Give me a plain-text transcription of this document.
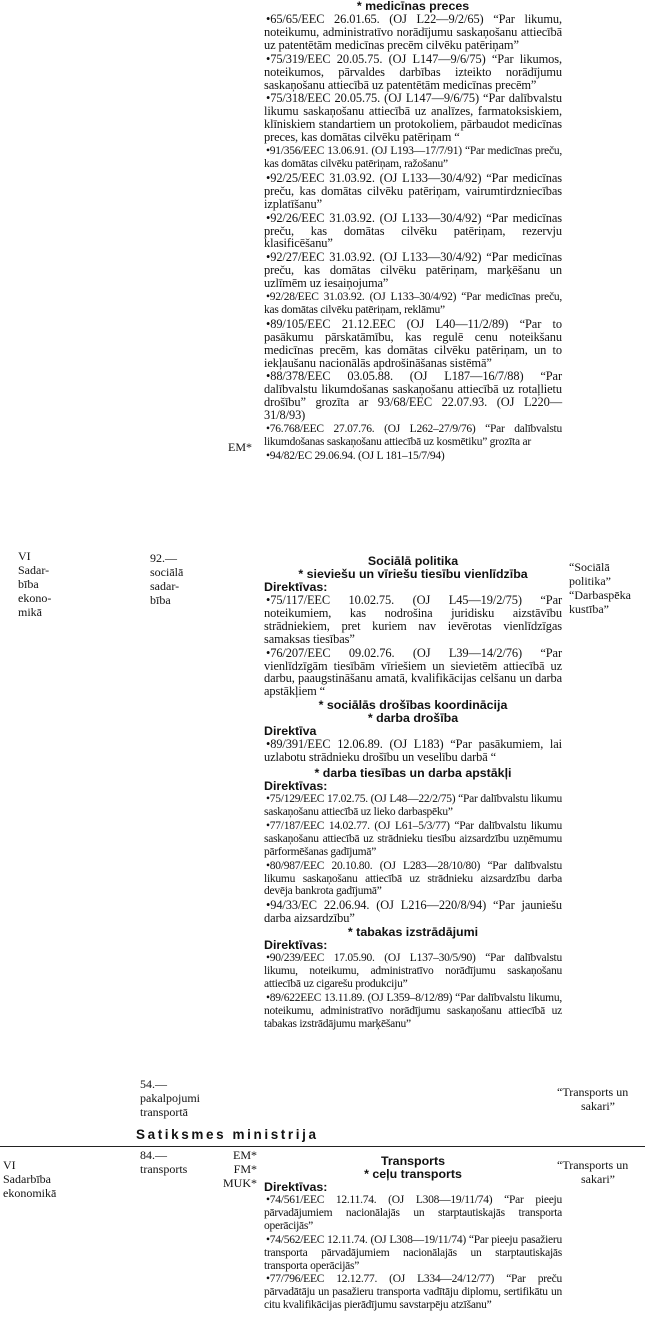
* medicīnas preces
•65/65/EEC 26.01.65. (OJ L22—9/2/65) “Par likumu, noteikumu, administratīvo norādījumu saskaņošanu attiecībā uz patentētām medicīnas precēm cilvēku patēriņam”
•75/319/EEC 20.05.75. (OJ L147—9/6/75) “Par likumos, noteikumos, pārvaldes darbības izteikto norādījumu saskaņošanu attiecībā uz patentētām medicīnas precēm”
•75/318/EEC 20.05.75. (OJ L147—9/6/75) “Par dalībvalstu likumu saskaņošanu attiecībā uz analīzes, farmatoksiskiem, klīniskiem standartiem un protokoliem, pārbaudot medicīnas preces, kas domātas cilvēku patēriņam “
•91/356/EEC 13.06.91. (OJ L193—17/7/91) “Par medicīnas preču, kas domātas cilvēku patēriņam, ražošanu”
•92/25/EEC 31.03.92. (OJ L133—30/4/92) “Par medicīnas preču, kas domātas cilvēku patēriņam, vairumtirdzniecības izplatīšanu”
•92/26/EEC 31.03.92. (OJ L133—30/4/92) “Par medicīnas preču, kas domātas cilvēku patēriņam, rezervju klasificēšanu”
•92/27/EEC 31.03.92. (OJ L133—30/4/92) “Par medicīnas preču, kas domātas cilvēku patēriņam, marķēšanu un uzlīmēm uz iesaiņojuma”
•92/28/EEC 31.03.92. (OJ L133–30/4/92) “Par medicīnas preču, kas domātas cilvēku patēriņam, reklāmu”
•89/105/EEC 21.12.EEC (OJ L40—11/2/89) “Par to pasākumu pārskatāmību, kas regulē cenu noteikšanu medicīnas precēm, kas domātas cilvēku patēriņam, un to iekļaušanu nacionālās apdrošināšanas sistēmā”
•88/378/EEC 03.05.88. (OJ L187—16/7/88) “Par dalībvalstu likumdošanas saskaņošanu attiecībā uz rotaļlietu drošību” grozīta ar 93/68/EEC 22.07.93. (OJ L220—31/8/93)
•76.768/EEC 27.07.76. (OJ L262–27/9/76) “Par dalībvalstu likumdošanas saskaņošanu attiecībā uz kosmētiku” grozīta ar
•94/82/EC 29.06.94. (OJ L 181–15/7/94)
EM*
VI
Sadar-
bība
ekono-
mikā
92.—
sociālā
sadar-
bība
“Sociālā
politika”
“Darbaspēka
kustība”
Sociālā politika
* sieviešu un vīriešu tiesību vienlīdzība
Direktīvas:
•75/117/EEC 10.02.75. (OJ L45—19/2/75) “Par noteikumiem, kas nodrošina juridisku aizstāvību strādniekiem, pret kuriem nav ievērotas vienlīdzīgas samaksas tiesības”
•76/207/EEC 09.02.76. (OJ L39—14/2/76) “Par vienlīdzīgām tiesībām vīriešiem un sievietēm attiecībā uz darbu, paaugstināšanu amatā, kvalifikācijas celšanu un darba apstākļiem “
* sociālās drošības koordinācija
* darba drošība
Direktīva
•89/391/EEC 12.06.89. (OJ L183) “Par pasākumiem, lai uzlabotu strādnieku drošību un veselību darbā “
* darba tiesības un darba apstākļi
Direktīvas:
•75/129/EEC 17.02.75. (OJ L48—22/2/75) “Par dalībvalstu likumu saskaņošanu attiecībā uz lieko darbaspēku”
•77/187/EEC 14.02.77. (OJ L61–5/3/77) “Par dalībvalstu likumu saskaņošanu attiecībā uz strādnieku tiesību aizsardzību uzņēmumu pārformēšanas gadījumā”
•80/987/EEC 20.10.80. (OJ L283—28/10/80) “Par dalībvalstu likumu saskaņošanu attiecībā uz strādnieku aizsardzību darba devēja bankrota gadījumā”
•94/33/EC 22.06.94. (OJ L216—220/8/94) “Par jauniešu darba aizsardzību”
* tabakas izstrādājumi
Direktīvas:
•90/239/EEC 17.05.90. (OJ L137–30/5/90) “Par dalībvalstu likumu, noteikumu, administratīvo norādījumu saskaņošanu attiecībā uz cigarešu produkciju”
•89/622EEC 13.11.89. (OJ L359–8/12/89) “Par dalībvalstu likumu, noteikumu, administratīvo norādījumu saskaņošanu attiecībā uz tabakas izstrādājumu marķēšanu”
54.—
pakalpojumi
transportā
“Transports un
sakari”
Satiksmes ministrija
VI
Sadarbība
ekonomikā
84.—
transports
EM*
FM*
MUK*
“Transports un
sakari”
Transports
* ceļu transports
Direktīvas:
•74/561/EEC 12.11.74. (OJ L308—19/11/74) “Par pieeju pārvadājumiem nacionālajās un starptautiskajās transporta operācijās”
•74/562/EEC 12.11.74. (OJ L308—19/11/74) “Par pieeju pasažieru transporta pārvadājumiem nacionālajās un starptautiskajās transporta operācijās”
•77/796/EEC 12.12.77. (OJ L334—24/12/77) “Par preču pārvadātāju un pasažieru transporta vadītāju diplomu, sertifikātu un citu kvalifikācijas pierādījumu savstarpēju atzīšanu”
